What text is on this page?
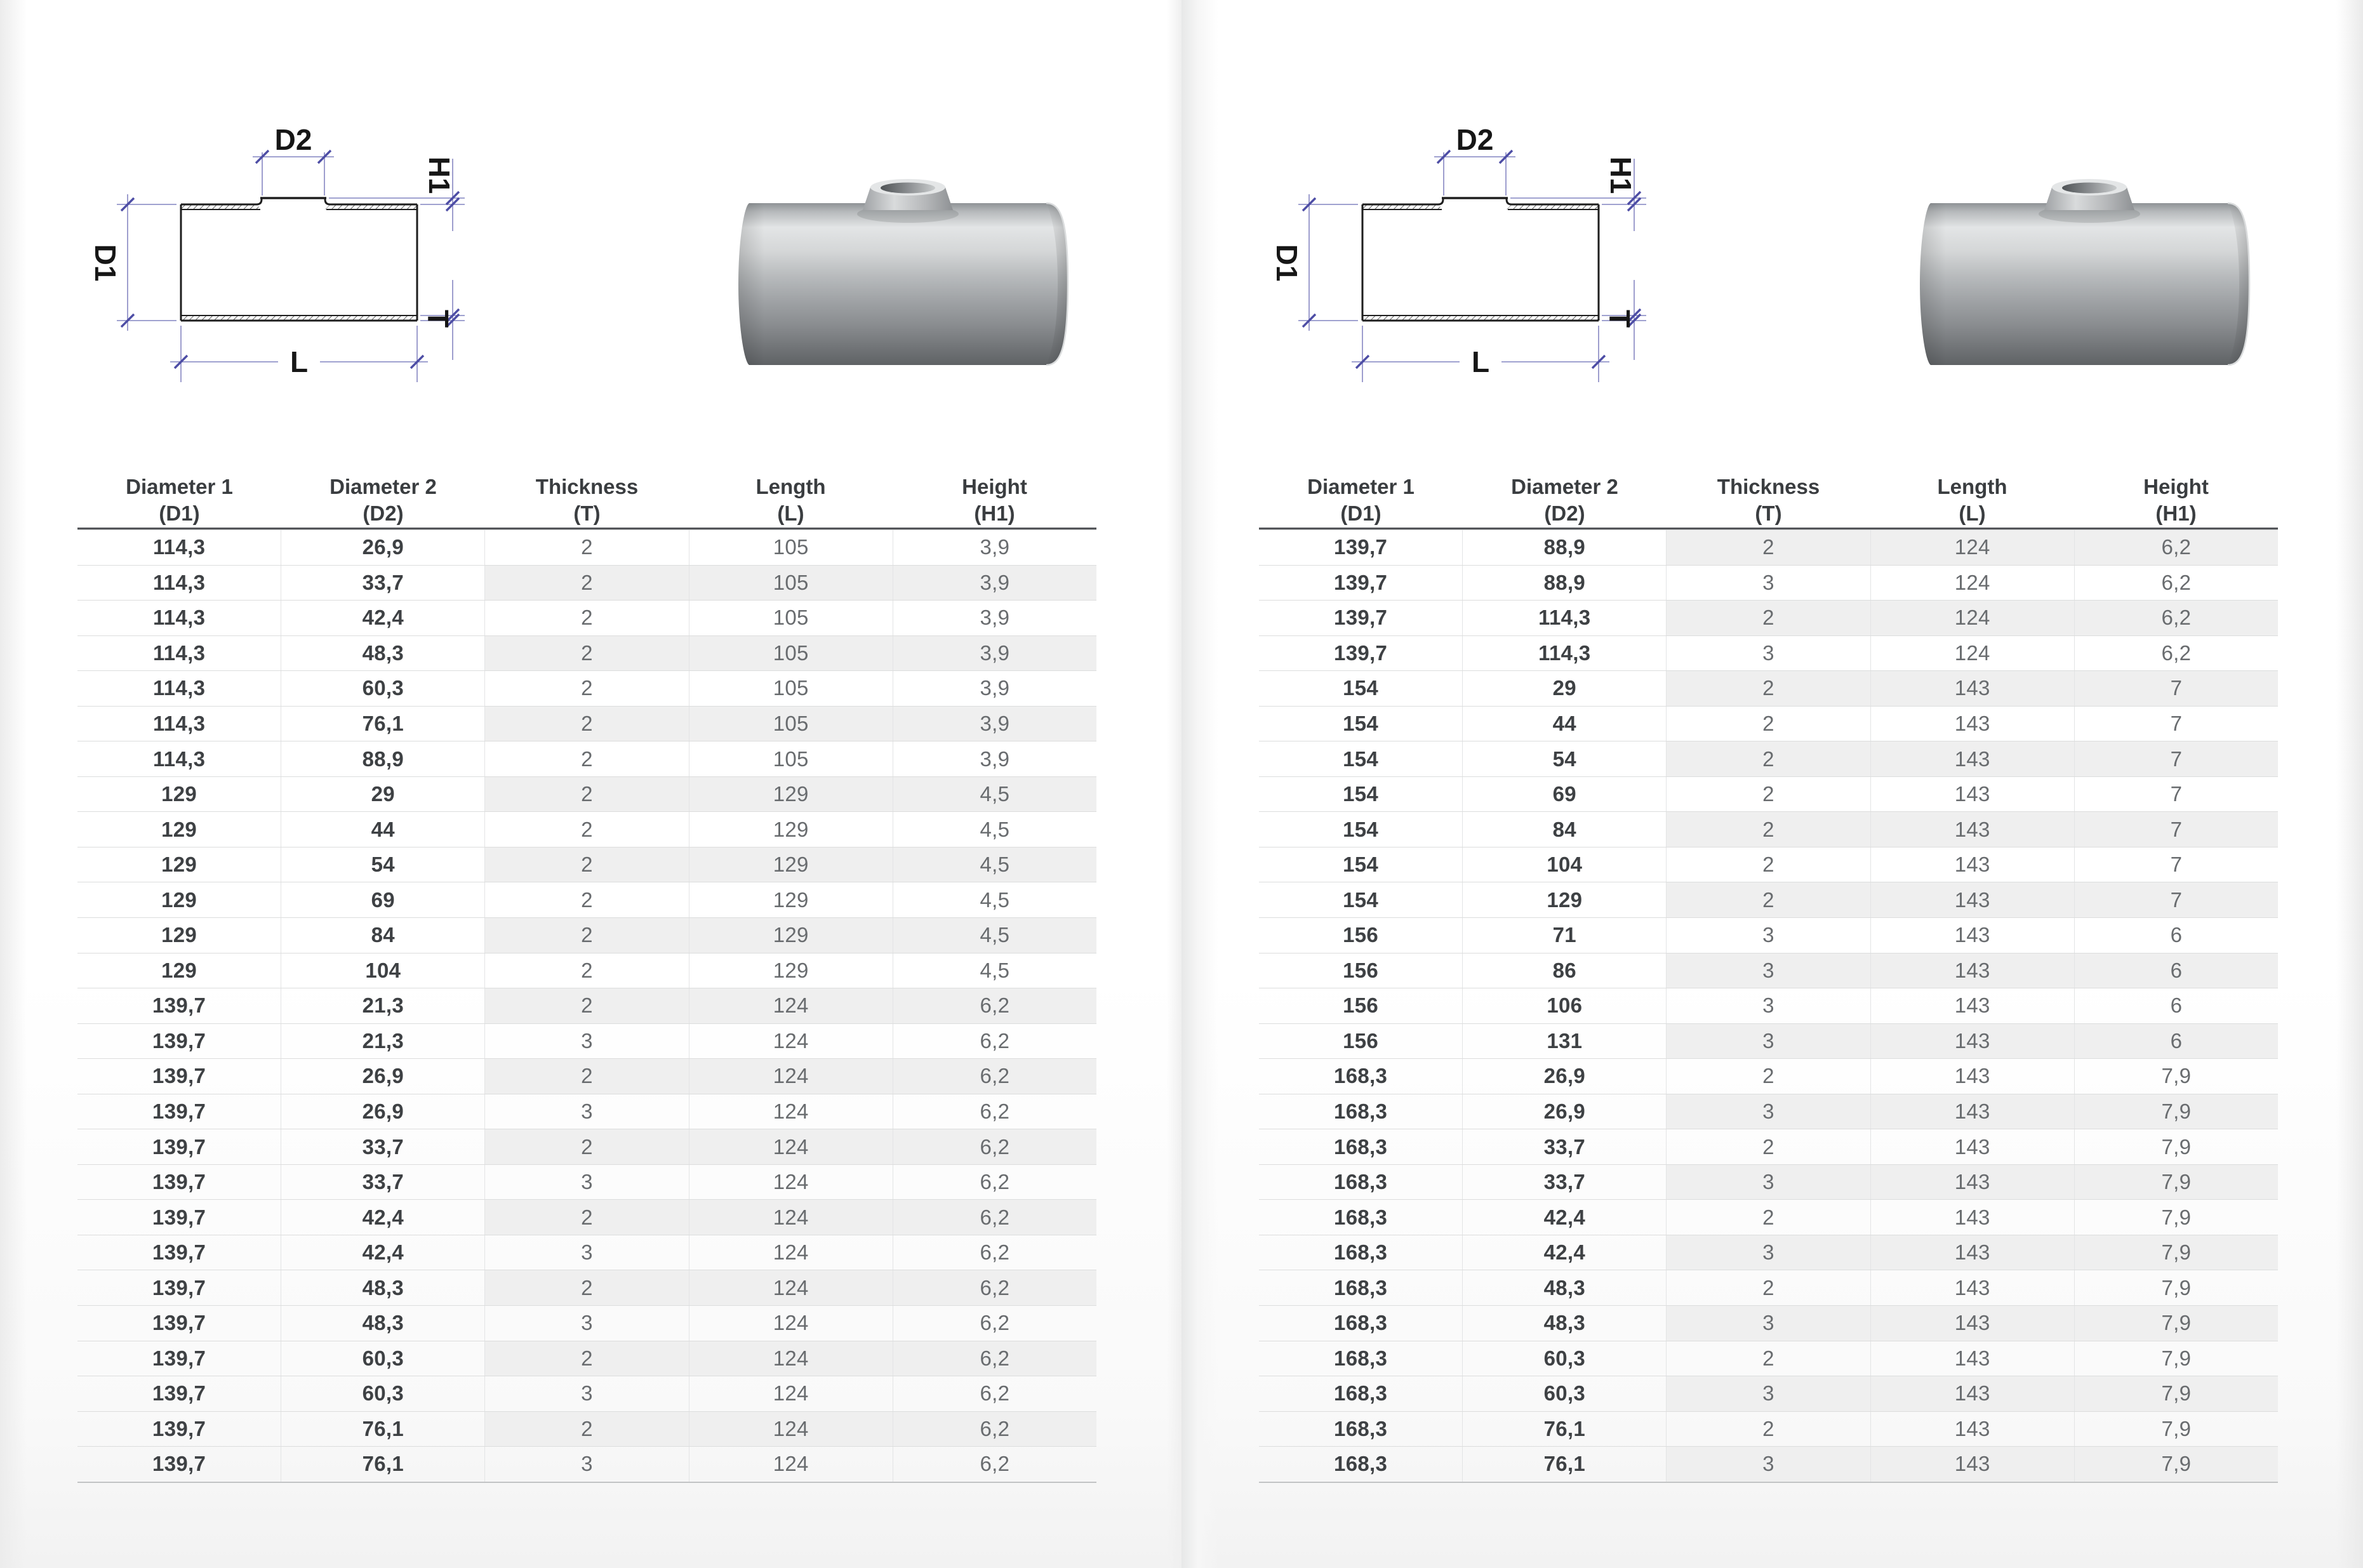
D2
D1
H1
T
L
Diameter 1
(D1)
Diameter 2
(D2)
Thickness
(T)
Length
(L)
Height
(H1)
114,3	26,9	2	105	3,9
114,3	33,7	2	105	3,9
114,3	42,4	2	105	3,9
114,3	48,3	2	105	3,9
114,3	60,3	2	105	3,9
114,3	76,1	2	105	3,9
114,3	88,9	2	105	3,9
129	29	2	129	4,5
129	44	2	129	4,5
129	54	2	129	4,5
129	69	2	129	4,5
129	84	2	129	4,5
129	104	2	129	4,5
139,7	21,3	2	124	6,2
139,7	21,3	3	124	6,2
139,7	26,9	2	124	6,2
139,7	26,9	3	124	6,2
139,7	33,7	2	124	6,2
139,7	33,7	3	124	6,2
139,7	42,4	2	124	6,2
139,7	42,4	3	124	6,2
139,7	48,3	2	124	6,2
139,7	48,3	3	124	6,2
139,7	60,3	2	124	6,2
139,7	60,3	3	124	6,2
139,7	76,1	2	124	6,2
139,7	76,1	3	124	6,2
D2
D1
H1
T
L
Diameter 1
(D1)
Diameter 2
(D2)
Thickness
(T)
Length
(L)
Height
(H1)
139,7	88,9	2	124	6,2
139,7	88,9	3	124	6,2
139,7	114,3	2	124	6,2
139,7	114,3	3	124	6,2
154	29	2	143	7
154	44	2	143	7
154	54	2	143	7
154	69	2	143	7
154	84	2	143	7
154	104	2	143	7
154	129	2	143	7
156	71	3	143	6
156	86	3	143	6
156	106	3	143	6
156	131	3	143	6
168,3	26,9	2	143	7,9
168,3	26,9	3	143	7,9
168,3	33,7	2	143	7,9
168,3	33,7	3	143	7,9
168,3	42,4	2	143	7,9
168,3	42,4	3	143	7,9
168,3	48,3	2	143	7,9
168,3	48,3	3	143	7,9
168,3	60,3	2	143	7,9
168,3	60,3	3	143	7,9
168,3	76,1	2	143	7,9
168,3	76,1	3	143	7,9
